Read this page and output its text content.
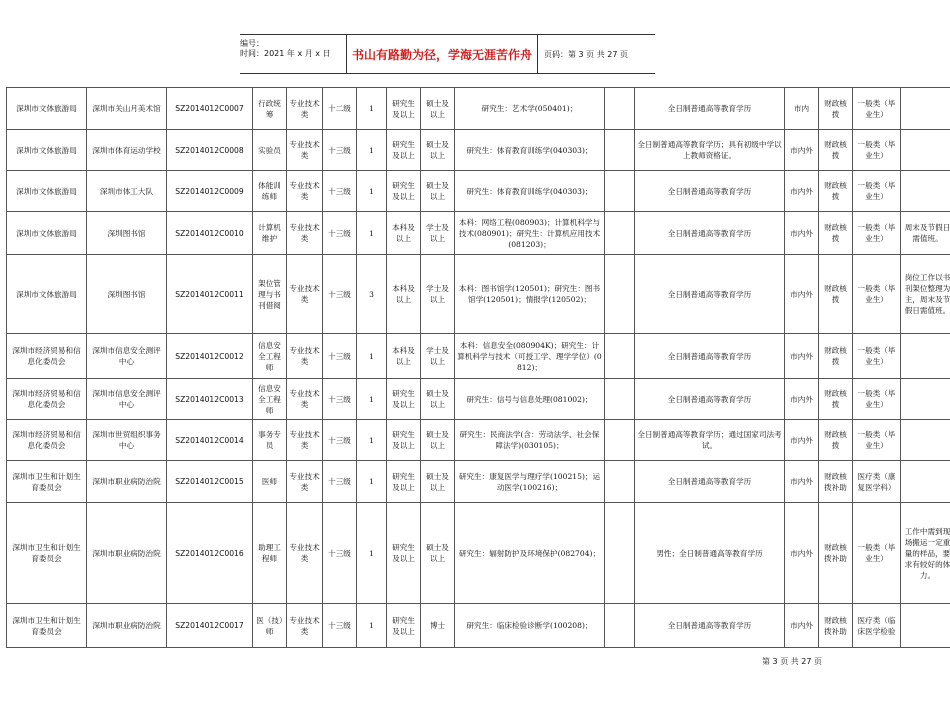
编号：
时间：2021 年 x 月 x 日	书山有路勤为径，学海无涯苦作舟	页码：第 3 页 共 27 页
深圳市文体旅游局	深圳市关山月美术馆	SZ2014012C0007	行政统筹	专业技术类	十二级	1	研究生及以上	硕士及以上	研究生：艺术学(050401)；		全日制普通高等教育学历	市内	财政核拨	一般类（毕业生）	
深圳市文体旅游局	深圳市体育运动学校	SZ2014012C0008	实验员	专业技术类	十三级	1	研究生及以上	硕士及以上	研究生：体育教育训练学(040303)；		全日制普通高等教育学历；具有初级中学以上教师资格证。	市内外	财政核拨	一般类（毕业生）	
深圳市文体旅游局	深圳市体工大队	SZ2014012C0009	体能训练师	专业技术类	十三级	1	研究生及以上	硕士及以上	研究生：体育教育训练学(040303)；		全日制普通高等教育学历	市内外	财政核拨	一般类（毕业生）	
深圳市文体旅游局	深圳图书馆	SZ2014012C0010	计算机维护	专业技术类	十三级	1	本科及以上	学士及以上	本科：网络工程(080903)；计算机科学与技术(080901)；研究生：计算机应用技术(081203)；		全日制普通高等教育学历	市内外	财政核拨	一般类（毕业生）	周末及节假日需值班。
深圳市文体旅游局	深圳图书馆	SZ2014012C0011	架位管理与书刊借阅	专业技术类	十三级	3	本科及以上	学士及以上	本科：图书馆学(120501)；研究生：图书馆学(120501)；情报学(120502)；		全日制普通高等教育学历	市内外	财政核拨	一般类（毕业生）	岗位工作以书刊架位整理为主，周末及节假日需值班。
深圳市经济贸易和信息化委员会	深圳市信息安全测评中心	SZ2014012C0012	信息安全工程师	专业技术类	十三级	1	本科及以上	学士及以上	本科：信息安全(080904K)；研究生：计算机科学与技术（可授工学、理学学位）(0812)；		全日制普通高等教育学历	市内外	财政核拨	一般类（毕业生）	
深圳市经济贸易和信息化委员会	深圳市信息安全测评中心	SZ2014012C0013	信息安全工程师	专业技术类	十三级	1	研究生及以上	硕士及以上	研究生：信号与信息处理(081002)；		全日制普通高等教育学历	市内外	财政核拨	一般类（毕业生）	
深圳市经济贸易和信息化委员会	深圳市世贸组织事务中心	SZ2014012C0014	事务专员	专业技术类	十三级	1	研究生及以上	硕士及以上	研究生：民商法学(含：劳动法学、社会保障法学)(030105)；		全日制普通高等教育学历；通过国家司法考试。	市内外	财政核拨	一般类（毕业生）	
深圳市卫生和计划生育委员会	深圳市职业病防治院	SZ2014012C0015	医师	专业技术类	十三级	1	研究生及以上	硕士及以上	研究生：康复医学与理疗学(100215)；运动医学(100216)；		全日制普通高等教育学历	市内外	财政核拨补助	医疗类（康复医学科）	
深圳市卫生和计划生育委员会	深圳市职业病防治院	SZ2014012C0016	助理工程师	专业技术类	十三级	1	研究生及以上	硕士及以上	研究生：辐射防护及环境保护(082704)；		男性；全日制普通高等教育学历	市内外	财政核拨补助	一般类（毕业生）	工作中需到现场搬运一定重量的样品，要求有较好的体力。
深圳市卫生和计划生育委员会	深圳市职业病防治院	SZ2014012C0017	医（技）师	专业技术类	十三级	1	研究生及以上	博士	研究生：临床检验诊断学(100208)；		全日制普通高等教育学历	市内外	财政核拨补助	医疗类（临床医学检验	
第 3 页 共 27 页
